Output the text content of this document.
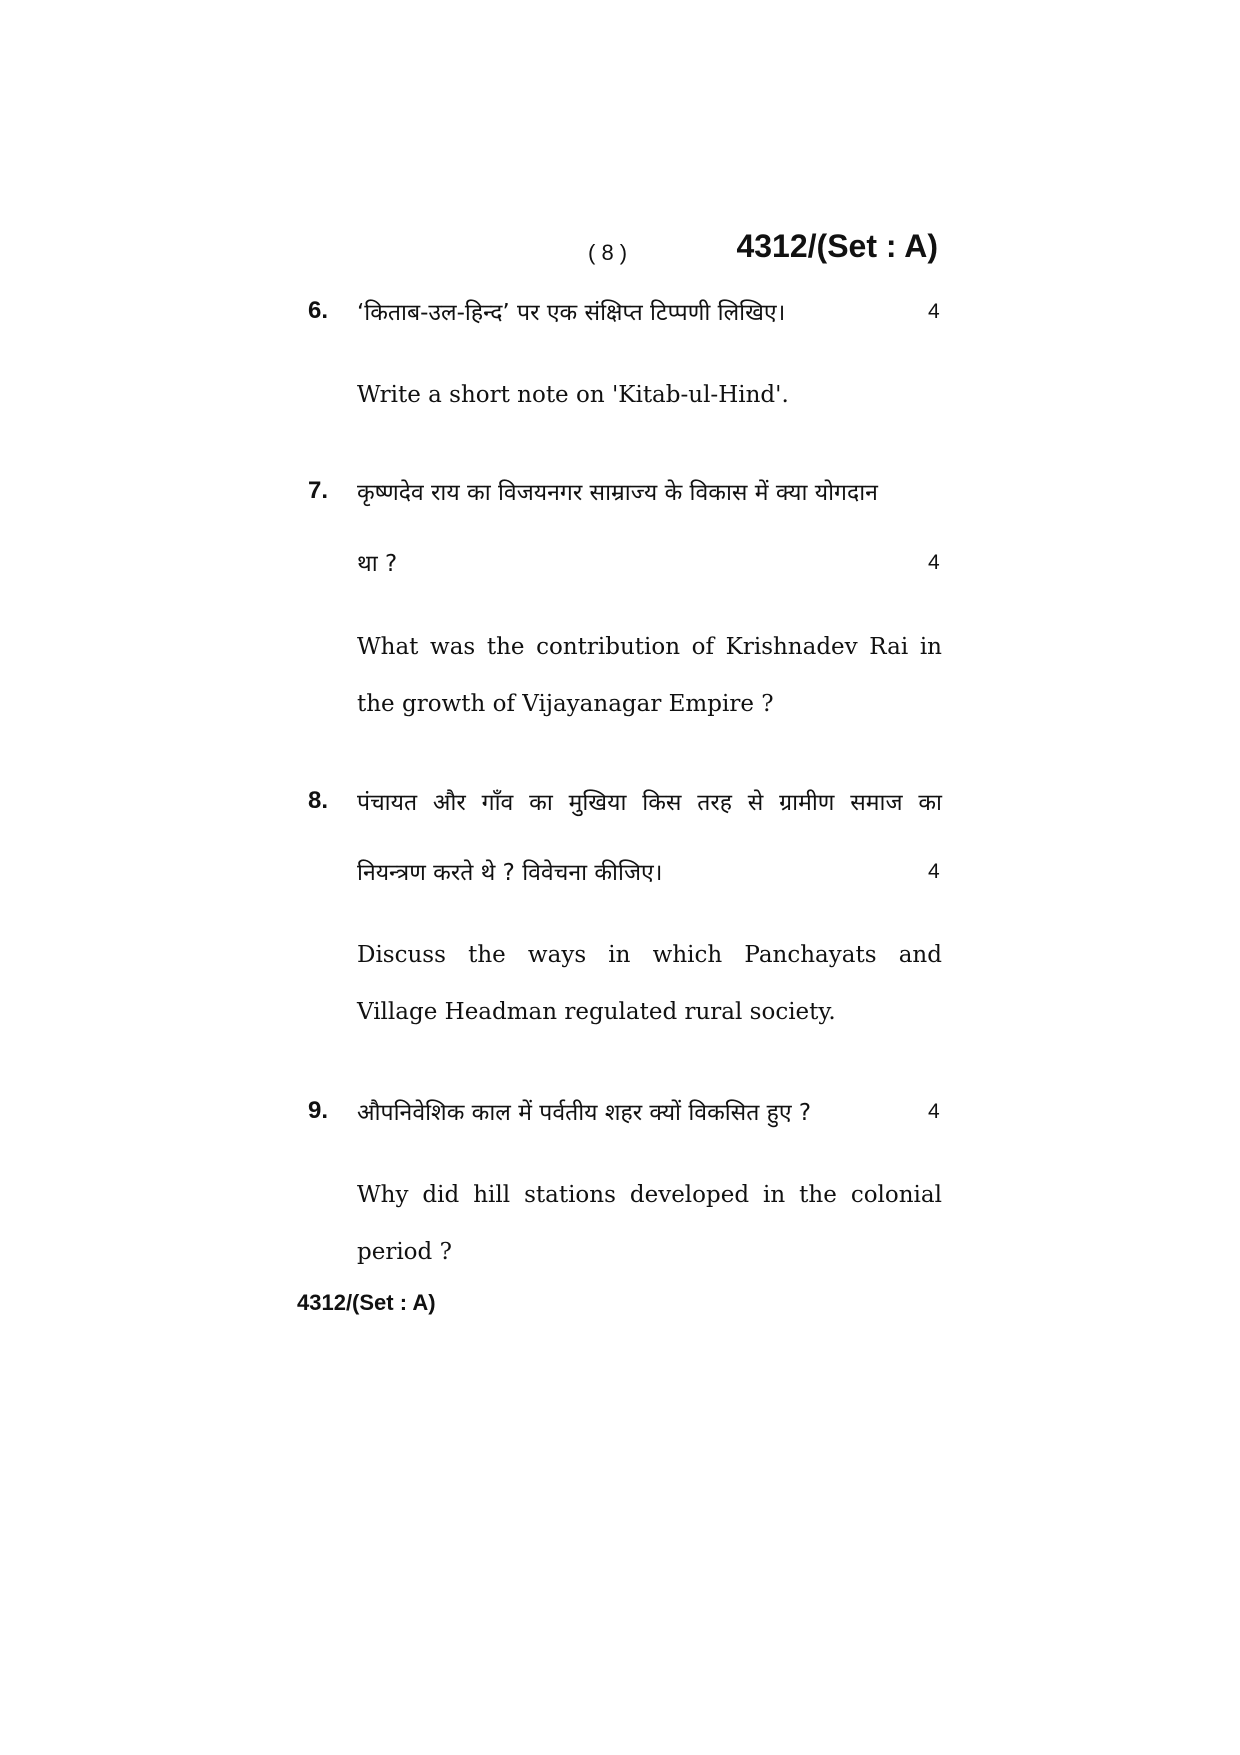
( 8 )	4312/(Set : A)
6. ‘किताब-उल-हिन्द’ पर एक संक्षिप्त टिप्पणी लिखिए।	4
Write a short note on 'Kitab-ul-Hind'.
7. कृष्णदेव राय का विजयनगर साम्राज्य के विकास में क्या योगदान
था ?	4
What was the contribution of Krishnadev Rai in
the growth of Vijayanagar Empire ?
8. पंचायत और गाँव का मुखिया किस तरह से ग्रामीण समाज का
नियन्त्रण करते थे ? विवेचना कीजिए।	4
Discuss the ways in which Panchayats and
Village Headman regulated rural society.
9. औपनिवेशिक काल में पर्वतीय शहर क्यों विकसित हुए ?	4
Why did hill stations developed in the colonial
period ?
4312/(Set : A)
